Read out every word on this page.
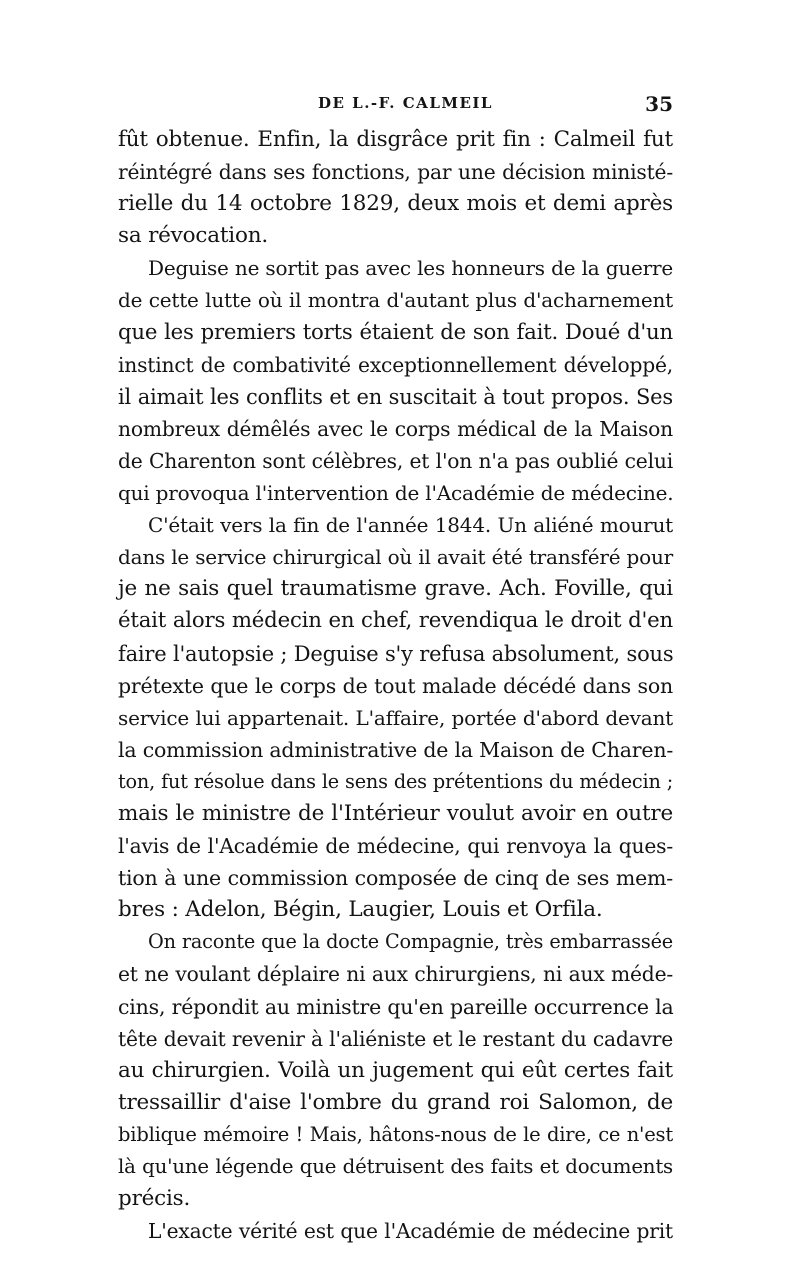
DE L.-F. CALMEIL	35
fût obtenue. Enfin, la disgrâce prit fin : Calmeil fut
réintégré dans ses fonctions, par une décision ministé-
rielle du 14 octobre 1829, deux mois et demi après
sa révocation.
Deguise ne sortit pas avec les honneurs de la guerre
de cette lutte où il montra d'autant plus d'acharnement
que les premiers torts étaient de son fait. Doué d'un
instinct de combativité exceptionnellement développé,
il aimait les conflits et en suscitait à tout propos. Ses
nombreux démêlés avec le corps médical de la Maison
de Charenton sont célèbres, et l'on n'a pas oublié celui
qui provoqua l'intervention de l'Académie de médecine.
C'était vers la fin de l'année 1844. Un aliéné mourut
dans le service chirurgical où il avait été transféré pour
je ne sais quel traumatisme grave. Ach. Foville, qui
était alors médecin en chef, revendiqua le droit d'en
faire l'autopsie ; Deguise s'y refusa absolument, sous
prétexte que le corps de tout malade décédé dans son
service lui appartenait. L'affaire, portée d'abord devant
la commission administrative de la Maison de Charen-
ton, fut résolue dans le sens des prétentions du médecin ;
mais le ministre de l'Intérieur voulut avoir en outre
l'avis de l'Académie de médecine, qui renvoya la ques-
tion à une commission composée de cinq de ses mem-
bres : Adelon, Bégin, Laugier, Louis et Orfila.
On raconte que la docte Compagnie, très embarrassée
et ne voulant déplaire ni aux chirurgiens, ni aux méde-
cins, répondit au ministre qu'en pareille occurrence la
tête devait revenir à l'aliéniste et le restant du cadavre
au chirurgien. Voilà un jugement qui eût certes fait
tressaillir d'aise l'ombre du grand roi Salomon, de
biblique mémoire ! Mais, hâtons-nous de le dire, ce n'est
là qu'une légende que détruisent des faits et documents
précis.
L'exacte vérité est que l'Académie de médecine prit
